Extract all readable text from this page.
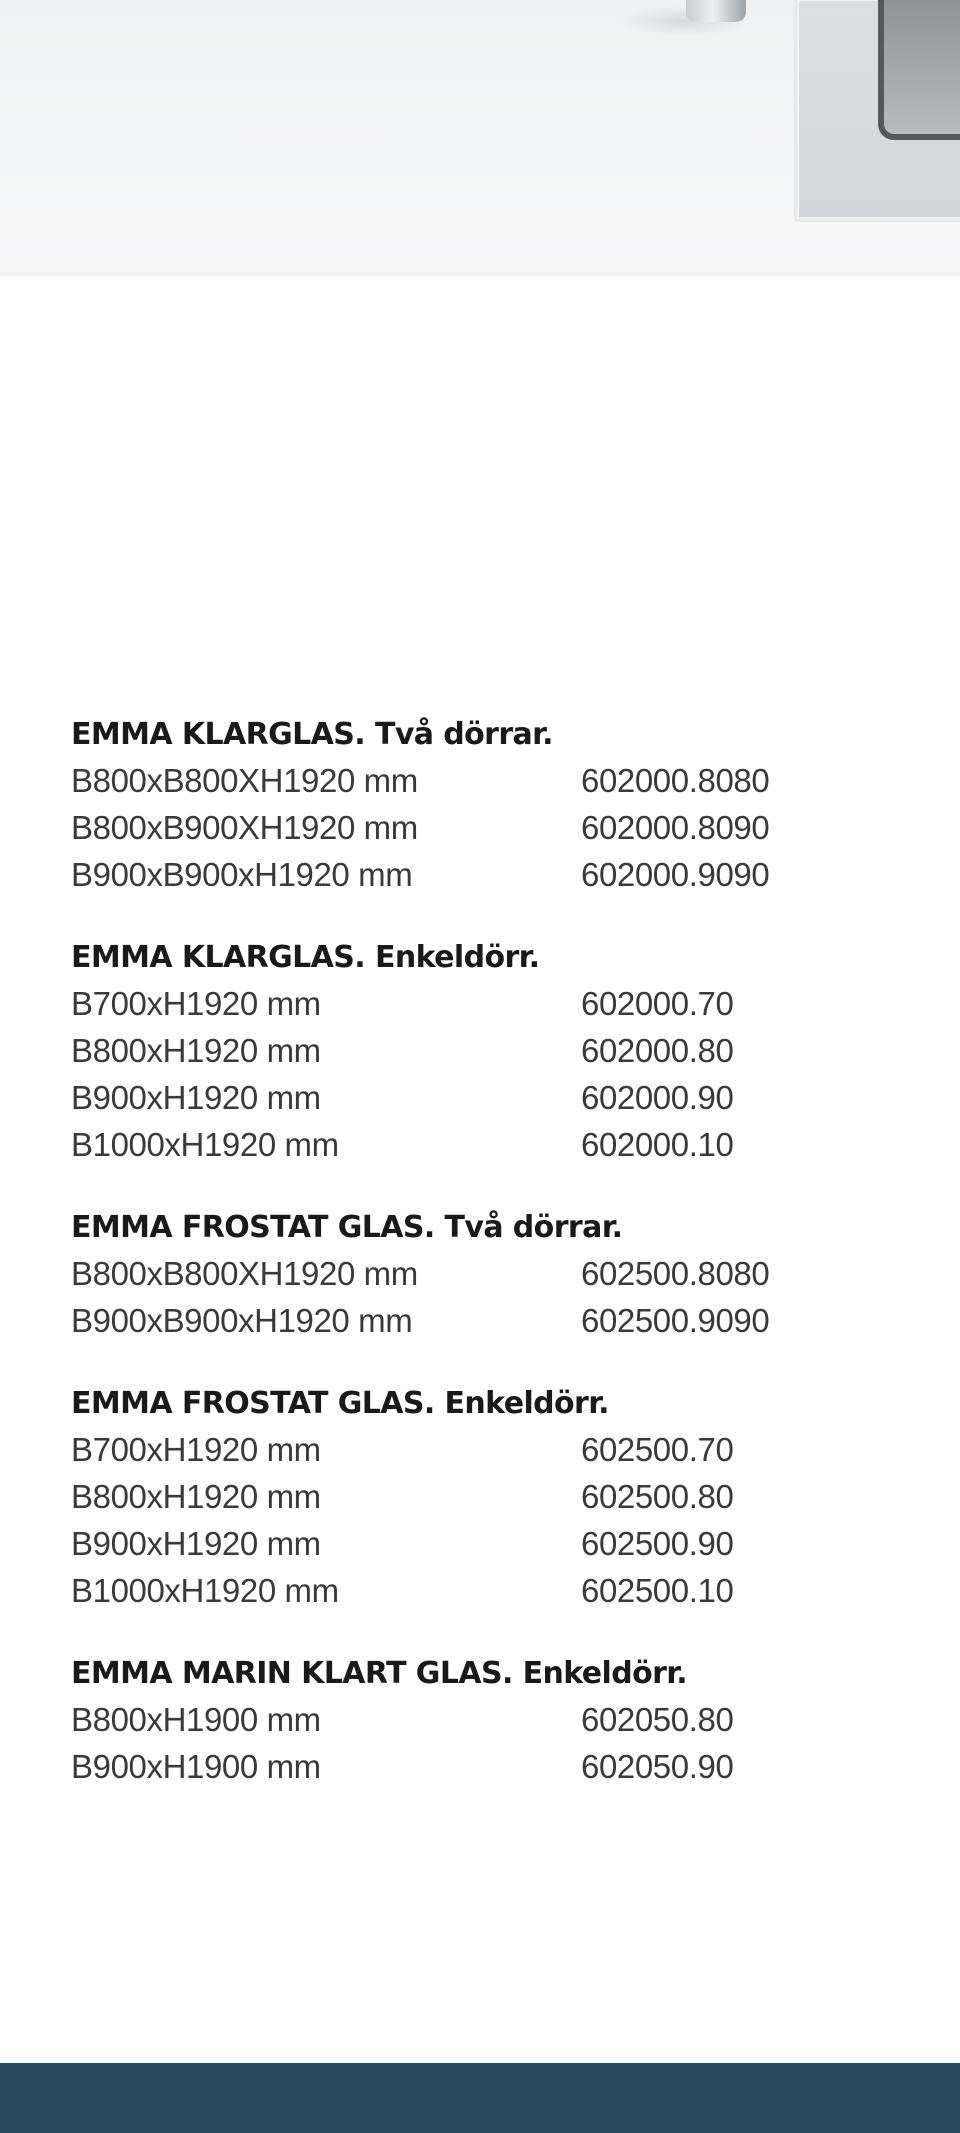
EMMA KLARGLAS. Två dörrar.
B800xB800XH1920 mm	602000.8080
B800xB900XH1920 mm	602000.8090
B900xB900xH1920 mm	602000.9090
EMMA KLARGLAS. Enkeldörr.
B700xH1920 mm	602000.70
B800xH1920 mm	602000.80
B900xH1920 mm	602000.90
B1000xH1920 mm	602000.10
EMMA FROSTAT GLAS. Två dörrar.
B800xB800XH1920 mm	602500.8080
B900xB900xH1920 mm	602500.9090
EMMA FROSTAT GLAS. Enkeldörr.
B700xH1920 mm	602500.70
B800xH1920 mm	602500.80
B900xH1920 mm	602500.90
B1000xH1920 mm	602500.10
EMMA MARIN KLART GLAS. Enkeldörr.
B800xH1900 mm	602050.80
B900xH1900 mm	602050.90
